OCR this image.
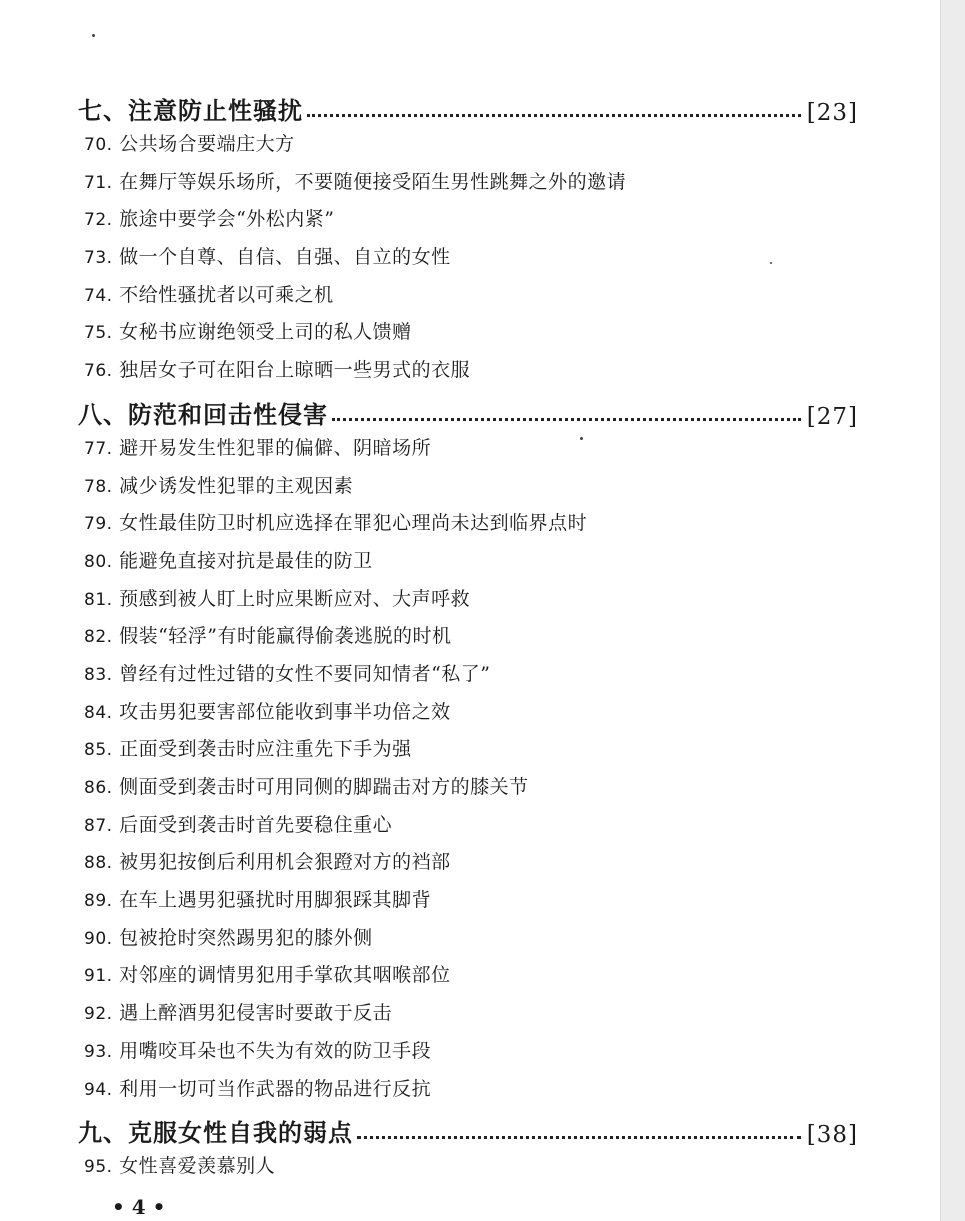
七、注意防止性骚扰	[23]
70. 公共场合要端庄大方
71. 在舞厅等娱乐场所，不要随便接受陌生男性跳舞之外的邀请
72. 旅途中要学会“外松内紧”
73. 做一个自尊、自信、自强、自立的女性
74. 不给性骚扰者以可乘之机
75. 女秘书应谢绝领受上司的私人馈赠
76. 独居女子可在阳台上晾晒一些男式的衣服
八、防范和回击性侵害	[27]
77. 避开易发生性犯罪的偏僻、阴暗场所
78. 减少诱发性犯罪的主观因素
79. 女性最佳防卫时机应选择在罪犯心理尚未达到临界点时
80. 能避免直接对抗是最佳的防卫
81. 预感到被人盯上时应果断应对、大声呼救
82. 假装“轻浮”有时能赢得偷袭逃脱的时机
83. 曾经有过性过错的女性不要同知情者“私了”
84. 攻击男犯要害部位能收到事半功倍之效
85. 正面受到袭击时应注重先下手为强
86. 侧面受到袭击时可用同侧的脚踹击对方的膝关节
87. 后面受到袭击时首先要稳住重心
88. 被男犯按倒后利用机会狠蹬对方的裆部
89. 在车上遇男犯骚扰时用脚狠踩其脚背
90. 包被抢时突然踢男犯的膝外侧
91. 对邻座的调情男犯用手掌砍其咽喉部位
92. 遇上醉酒男犯侵害时要敢于反击
93. 用嘴咬耳朵也不失为有效的防卫手段
94. 利用一切可当作武器的物品进行反抗
九、克服女性自我的弱点	[38]
95. 女性喜爱羡慕别人
• 4 •
